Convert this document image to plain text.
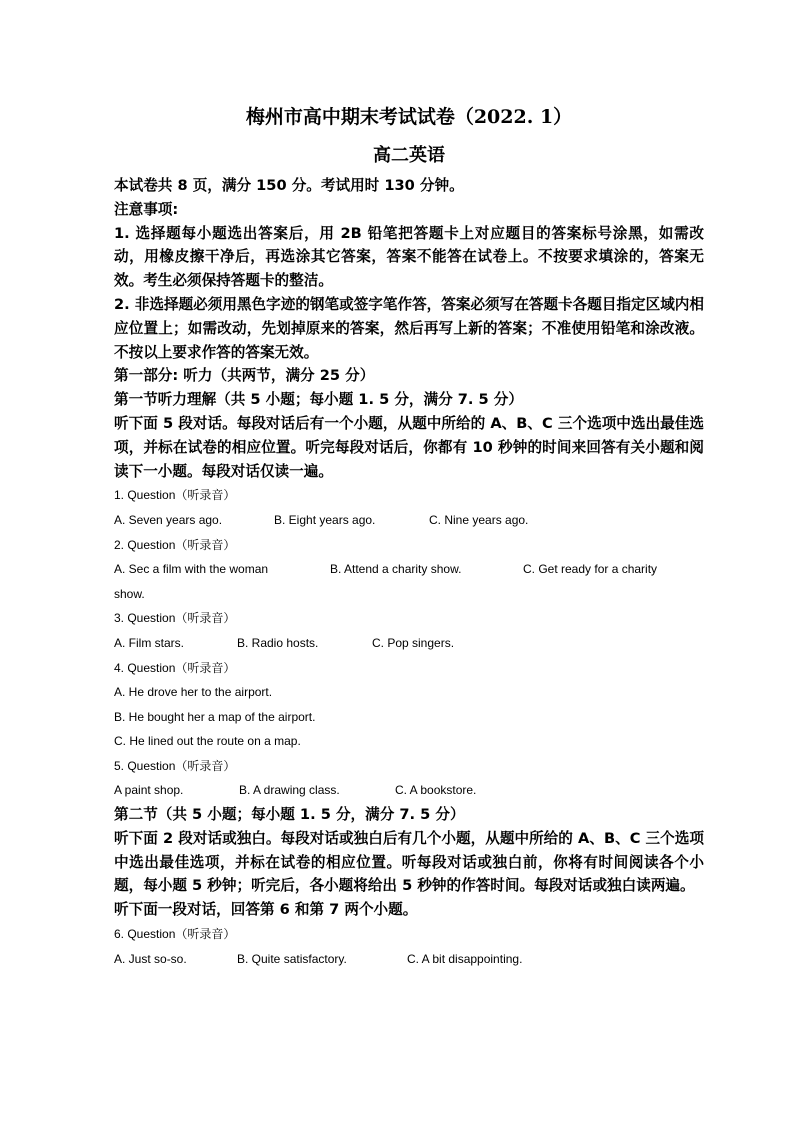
梅州市高中期末考试试卷（2022. 1）
高二英语

本试卷共 8 页，满分 150 分。考试用时 130 分钟。

注意事项:

1. 选择题每小题选出答案后，用 2B 铅笔把答题卡上对应题目的答案标号涂黑，如需改动，用橡皮擦干净后，再选涂其它答案，答案不能答在试卷上。不按要求填涂的，答案无效。考生必须保持答题卡的整洁。

2. 非选择题必须用黑色字迹的钢笔或签字笔作答，答案必须写在答题卡各题目指定区域内相应位置上；如需改动，先划掉原来的答案，然后再写上新的答案；不准使用铅笔和涂改液。不按以上要求作答的答案无效。

第一部分: 听力（共两节，满分 25 分）

第一节听力理解（共 5 小题；每小题 1. 5 分，满分 7. 5 分）

听下面 5 段对话。每段对话后有一个小题，从题中所给的 A、B、C 三个选项中选出最佳选项，并标在试卷的相应位置。听完每段对话后，你都有 10 秒钟的时间来回答有关小题和阅读下一小题。每段对话仅读一遍。

1. Question（听录音）

A. Seven years ago.	B. Eight years ago.	C. Nine years ago.

2. Question（听录音）

A. Sec a film with the woman	B. Attend a charity show.	C. Get ready for a charity

show.

3. Question（听录音）

A. Film stars.	B. Radio hosts.	C. Pop singers.

4. Question（听录音）

A. He drove her to the airport.

B. He bought her a map of the airport.

C. He lined out the route on a map.

5. Question（听录音）

A paint shop.	B. A drawing class.	C. A bookstore.

第二节（共 5 小题；每小题 1. 5 分，满分 7. 5 分）

听下面 2 段对话或独白。每段对话或独白后有几个小题，从题中所给的 A、B、C 三个选项中选出最佳选项，并标在试卷的相应位置。听每段对话或独白前，你将有时间阅读各个小题，每小题 5 秒钟；听完后，各小题将给出 5 秒钟的作答时间。每段对话或独白读两遍。

听下面一段对话，回答第 6 和第 7 两个小题。

6. Question（听录音）

A. Just so-so.	B. Quite satisfactory.	C. A bit disappointing.
